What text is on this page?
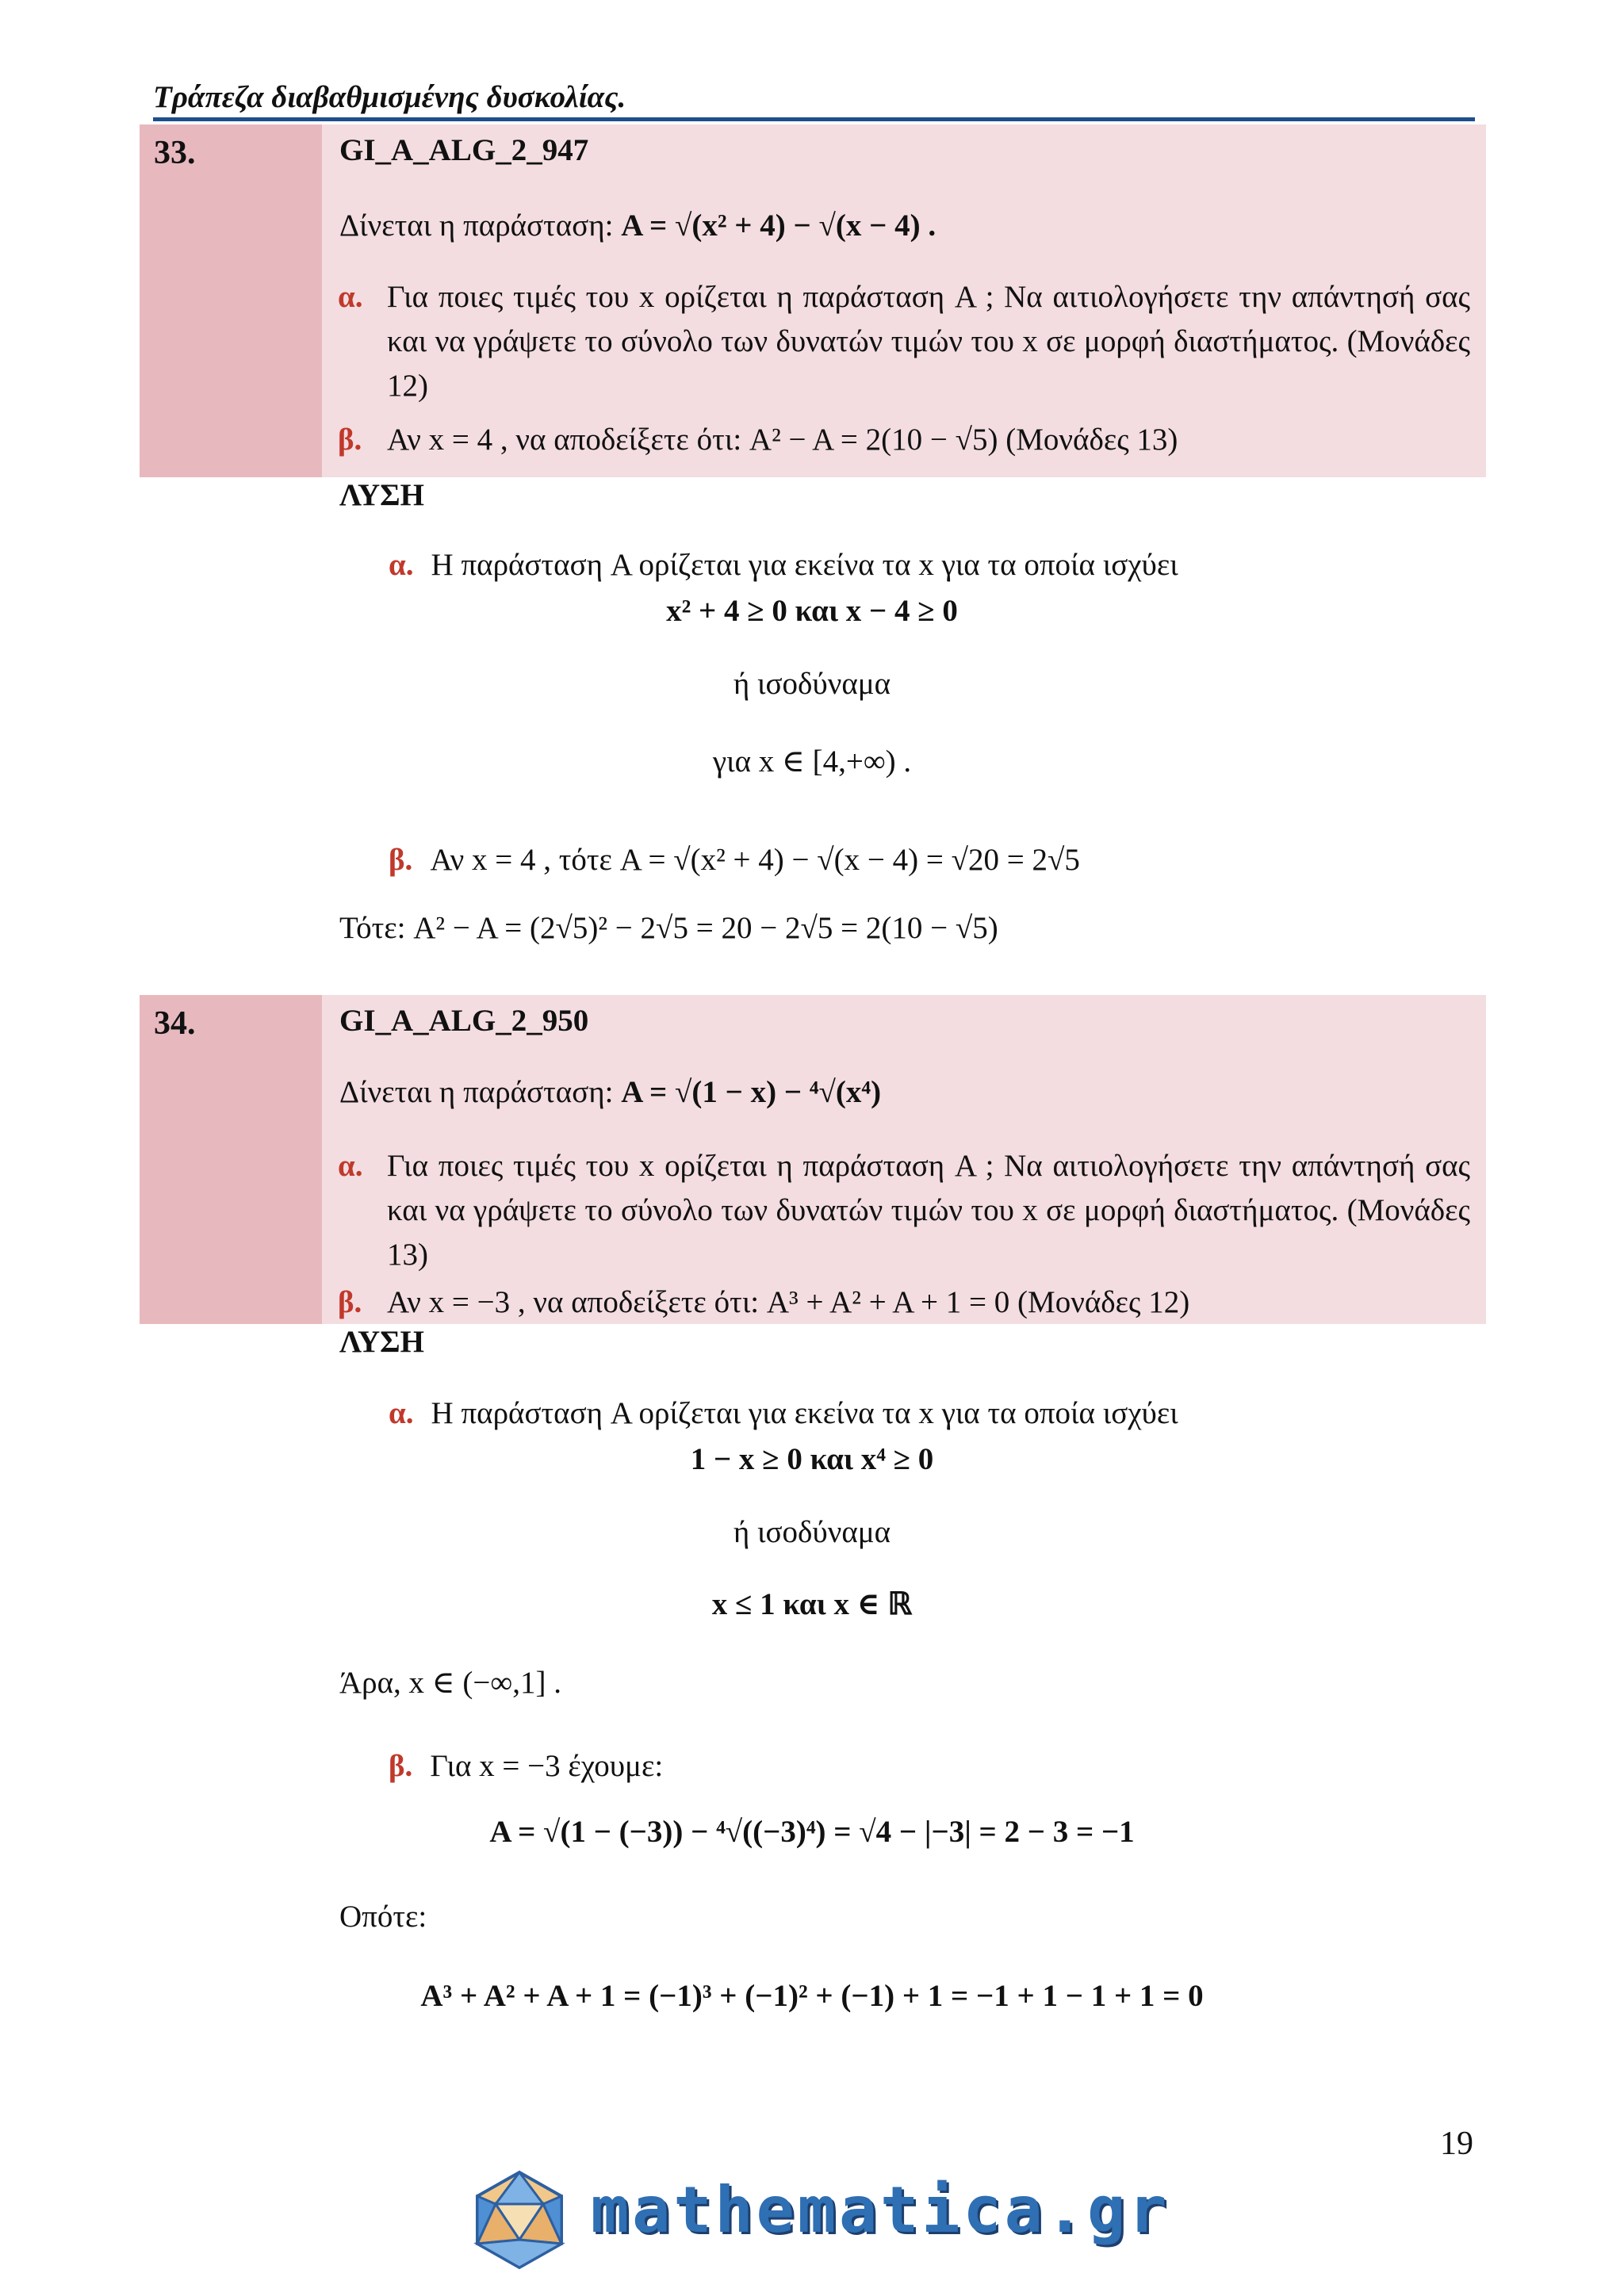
Τράπεζα διαβαθμισμένης δυσκολίας.
33.	GI_A_ALG_2_947
Δίνεται η παράσταση: A = √(x² + 4) − √(x − 4) .
α. Για ποιες τιμές του x ορίζεται η παράσταση A ; Να αιτιολογήσετε την απάντησή σας και να γράψετε το σύνολο των δυνατών τιμών του x σε μορφή διαστήματος. (Μονάδες 12)
β. Αν x = 4 , να αποδείξετε ότι: A² − A = 2(10 − √5) (Μονάδες 13)
ΛΥΣΗ
α. Η παράσταση A ορίζεται για εκείνα τα x για τα οποία ισχύει
x² + 4 ≥ 0 και x − 4 ≥ 0
ή ισοδύναμα
για x ∈ [4,+∞) .
β. Αν x = 4 , τότε A = √(x² + 4) − √(x − 4) = √20 = 2√5
Τότε: A² − A = (2√5)² − 2√5 = 20 − 2√5 = 2(10 − √5)
34.	GI_A_ALG_2_950
Δίνεται η παράσταση: A = √(1 − x) − ⁴√(x⁴)
α. Για ποιες τιμές του x ορίζεται η παράσταση A ; Να αιτιολογήσετε την απάντησή σας και να γράψετε το σύνολο των δυνατών τιμών του x σε μορφή διαστήματος. (Μονάδες 13)
β. Αν x = −3 , να αποδείξετε ότι: A³ + A² + A + 1 = 0 (Μονάδες 12)
ΛΥΣΗ
α. Η παράσταση A ορίζεται για εκείνα τα x για τα οποία ισχύει
1 − x ≥ 0 και x⁴ ≥ 0
ή ισοδύναμα
x ≤ 1 και x ∈ ℝ
Άρα, x ∈ (−∞,1] .
β. Για x = −3 έχουμε:
A = √(1 − (−3)) − ⁴√((−3)⁴) = √4 − |−3| = 2 − 3 = −1
Οπότε:
A³ + A² + A + 1 = (−1)³ + (−1)² + (−1) + 1 = −1 + 1 − 1 + 1 = 0
19
mathematica.gr
